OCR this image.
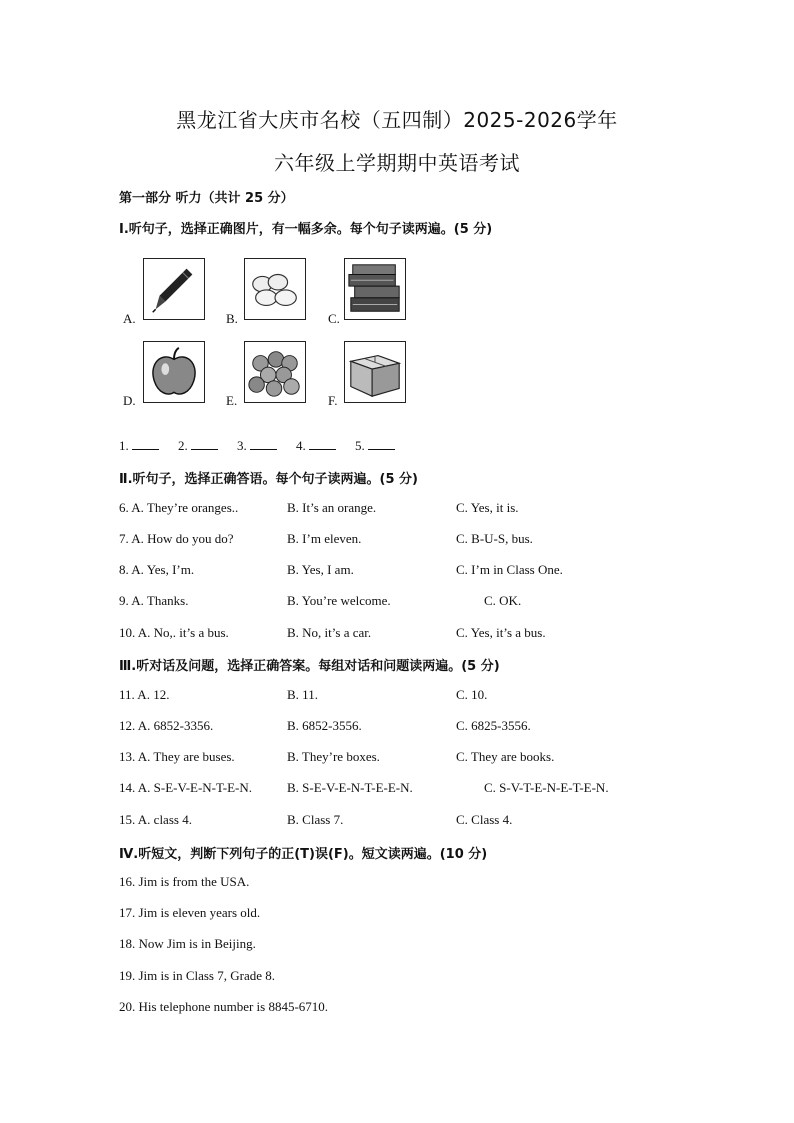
黑龙江省大庆市名校（五四制）2025-2026学年
六年级上学期期中英语考试
第一部分 听力（共计 25 分）
Ⅰ.听句子，选择正确图片，有一幅多余。每个句子读两遍。(5 分)
A.	B.	C.
D.	E.	F.
1.	2.	3.	4.	5.
Ⅱ.听句子，选择正确答语。每个句子读两遍。(5 分)
6. A. They’re oranges..	B. It’s an orange.	C. Yes, it is.
7. A. How do you do?	B. I’m eleven.	C. B-U-S, bus.
8. A. Yes, I’m.	B. Yes, I am.	C. I’m in Class One.
9. A. Thanks.	B. You’re welcome.	C. OK.
10. A. No,. it’s a bus.	B. No, it’s a car.	C. Yes, it’s a bus.
Ⅲ.听对话及问题，选择正确答案。每组对话和问题读两遍。(5 分)
11. A. 12.	B. 11.	C. 10.
12. A. 6852-3356.	B. 6852-3556.	C. 6825-3556.
13. A. They are buses.	B. They’re boxes.	C. They are books.
14. A. S-E-V-E-N-T-E-N.	B. S-E-V-E-N-T-E-E-N.	C. S-V-T-E-N-E-T-E-N.
15. A. class 4.	B. Class 7.	C. Class 4.
Ⅳ.听短文，判断下列句子的正(T)误(F)。短文读两遍。(10 分)
16. Jim is from the USA.
17. Jim is eleven years old.
18. Now Jim is in Beijing.
19. Jim is in Class 7, Grade 8.
20. His telephone number is 8845-6710.
